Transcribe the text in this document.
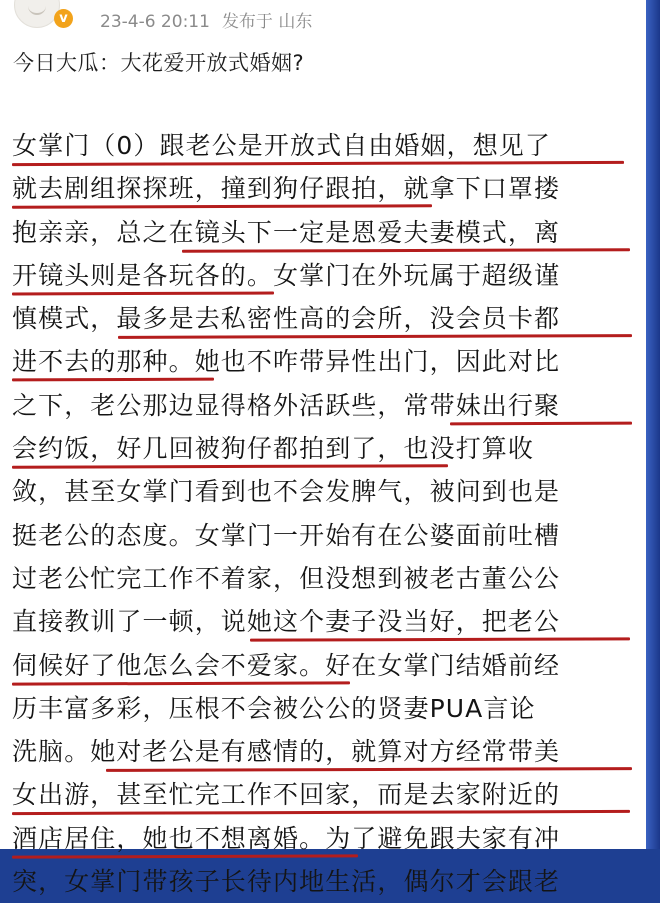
v	23-4-6 20:11 发布于 山东
今日大瓜：大花爱开放式婚姻?
女掌门（0）跟老公是开放式自由婚姻，想见了
就去剧组探探班，撞到狗仔跟拍，就拿下口罩搂
抱亲亲，总之在镜头下一定是恩爱夫妻模式，离
开镜头则是各玩各的。女掌门在外玩属于超级谨
慎模式，最多是去私密性高的会所，没会员卡都
进不去的那种。她也不咋带异性出门，因此对比
之下，老公那边显得格外活跃些，常带妹出行聚
会约饭，好几回被狗仔都拍到了，也没打算收
敛，甚至女掌门看到也不会发脾气，被问到也是
挺老公的态度。女掌门一开始有在公婆面前吐槽
过老公忙完工作不着家，但没想到被老古董公公
直接教训了一顿，说她这个妻子没当好，把老公
伺候好了他怎么会不爱家。好在女掌门结婚前经
历丰富多彩，压根不会被公公的贤妻PUA言论
洗脑。她对老公是有感情的，就算对方经常带美
女出游，甚至忙完工作不回家，而是去家附近的
酒店居住，她也不想离婚。为了避免跟夫家有冲
突，女掌门带孩子长待内地生活，偶尔才会跟老
